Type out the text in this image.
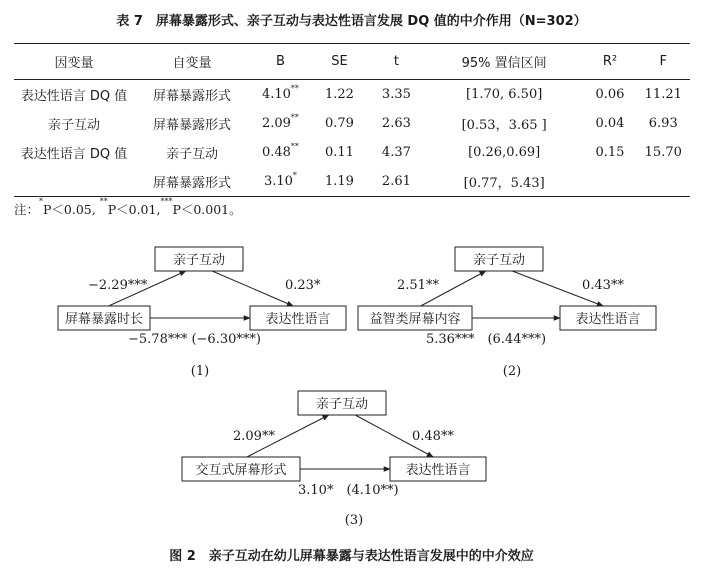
表 7　屏幕暴露形式、亲子互动与表达性语言发展 DQ 值的中介作用（N=302）
因变量	自变量	B	SE	t	95% 置信区间	R²	F
表达性语言 DQ 值	屏幕暴露形式	4.10**	1.22	3.35	[1.70, 6.50]	0.06	11.21
亲子互动	屏幕暴露形式	2.09**	0.79	2.63	[0.53，3.65 ]	0.04	6.93
表达性语言 DQ 值	亲子互动	0.48**	0.11	4.37	[0.26,0.69]	0.15	15.70
	屏幕暴露形式	3.10*	1.19	2.61	[0.77，5.43]		
注：*P＜0.05, **P＜0.01,***P＜0.001。
亲子互动
屏幕暴露时长	表达性语言
−2.29***	0.23*
−5.78*** (−6.30***)
(1)
亲子互动
益智类屏幕内容	表达性语言
2.51**	0.43**
5.36***　(6.44***)
(2)
亲子互动
交互式屏幕形式	表达性语言
2.09**	0.48**
3.10*　(4.10**)
(3)
图 2　亲子互动在幼儿屏幕暴露与表达性语言发展中的中介效应
